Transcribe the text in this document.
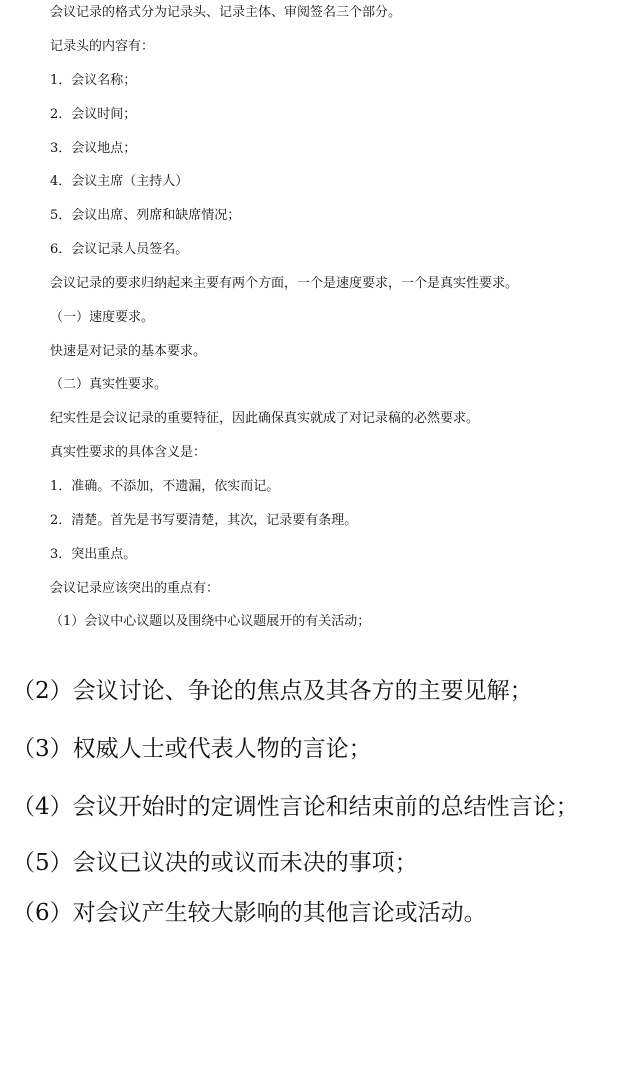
会议记录的格式分为记录头、记录主体、审阅签名三个部分。
记录头的内容有：
1．会议名称；
2．会议时间；
3．会议地点；
4．会议主席（主持人）
5．会议出席、列席和缺席情况；
6．会议记录人员签名。
会议记录的要求归纳起来主要有两个方面，一个是速度要求，一个是真实性要求。
（一）速度要求。
快速是对记录的基本要求。
（二）真实性要求。
纪实性是会议记录的重要特征，因此确保真实就成了对记录稿的必然要求。
真实性要求的具体含义是：
1．准确。不添加，不遗漏，依实而记。
2．清楚。首先是书写要清楚，其次，记录要有条理。
3．突出重点。
会议记录应该突出的重点有：
（1）会议中心议题以及围绕中心议题展开的有关活动；
（2）会议讨论、争论的焦点及其各方的主要见解；
（3）权威人士或代表人物的言论；
（4）会议开始时的定调性言论和结束前的总结性言论；
（5）会议已议决的或议而未决的事项；
（6）对会议产生较大影响的其他言论或活动。
